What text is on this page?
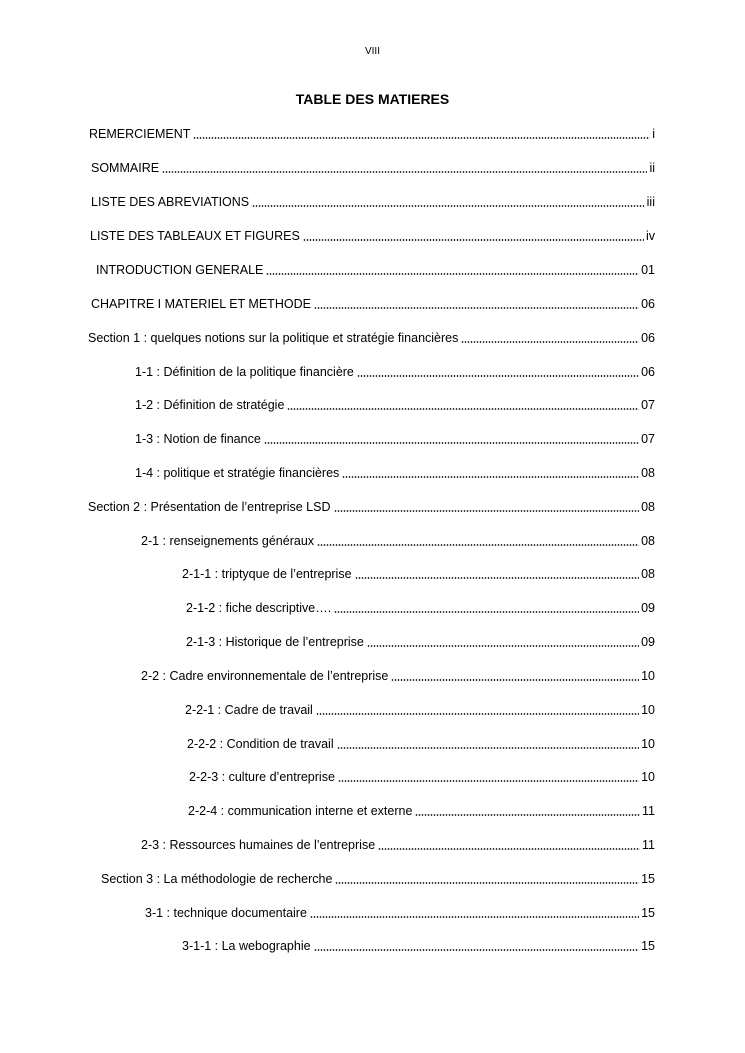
VIII
TABLE DES MATIERES
REMERCIEMENT	i
SOMMAIRE	ii
LISTE DES ABREVIATIONS	iii
LISTE DES TABLEAUX ET FIGURES	iv
INTRODUCTION GENERALE	01
CHAPITRE I MATERIEL ET METHODE	06
Section 1 : quelques notions sur la politique et stratégie financières	06
1-1 : Définition de la politique financière	06
1-2 : Définition de stratégie	07
1-3 : Notion de finance	07
1-4 : politique et stratégie financières	08
Section 2 : Présentation de l’entreprise LSD	08
2-1 : renseignements généraux	08
2-1-1 : triptyque de l’entreprise	08
2-1-2 : fiche descriptive….	09
2-1-3 : Historique de l’entreprise	09
2-2 : Cadre environnementale de l’entreprise	10
2-2-1 : Cadre de travail	10
2-2-2 : Condition de travail	10
2-2-3 : culture d’entreprise	10
2-2-4 : communication interne et externe	11
2-3 : Ressources humaines de l’entreprise	11
Section 3 : La méthodologie de recherche	15
3-1 : technique documentaire	15
3-1-1 : La webographie	15
